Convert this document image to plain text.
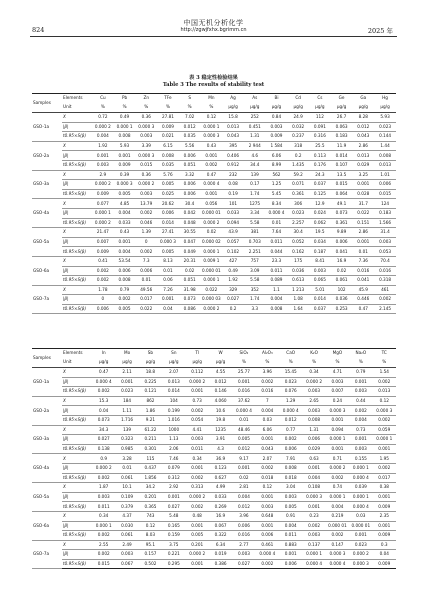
824
中国无机分析化学
http://zgwjfxhx.bgrimm.cn	2025 年
表 3 稳定性检验结果
Table 3 The results of stability test
Samples	Elements	Cu	Pb	Zn	TFe	S	Mn	Ag	As	Bi	Cd	Cs	Ge	Ga	Hg
	Unit	%	%	%	%	%	%	μg/g	μg/g	μg/g	μg/g	μg/g	μg/g	μg/g	μg/g
GSO-1a	X	0.72	0.49	0.36	27.81	7.02	0.12	15.8	252	0.84	24.9	112	26.7	8.28	5.93
	|β|	0.000 2	0.000 1	0.000 3	0.009	0.012	0.000 1	0.013	0.451	0.003	0.032	0.091	0.063	0.012	0.023
	t0.95×S(β)	0.004	0.008	0.003	0.021	0.035	0.000 3	0.043	1.31	0.009	0.237	0.316	0.183	0.043	0.144
GSO-2a	X	1.92	5.93	3.39	6.15	5.56	0.43	395	2 944	1 584	318	25.5	11.9	2.86	1.44
	|β|	0.001	0.001	0.000 3	0.008	0.006	0.001	0.406	4.6	6.06	0.2	0.113	0.014	0.013	0.008
	t0.95×S(β)	0.003	0.009	0.015	0.035	0.051	0.002	0.912	34.4	8.99	1.435	0.176	0.107	0.029	0.013
GSO-3a	X	2.9	0.39	0.36	5.76	3.32	0.47	232	139	562	59.2	24.3	13.5	3.25	1.01
	|β|	0.000 2	0.000 3	0.000 2	0.005	0.006	0.000 4	0.08	0.17	1.25	0.071	0.037	0.015	0.001	0.006
	t0.95×S(β)	0.009	0.005	0.003	0.025	0.006	0.001	0.19	1.74	5.45	0.361	0.125	0.064	0.028	0.015
GSO-4a	X	0.077	4.85	13.79	20.62	30.4	0.056	101	1275	8.34	306	12.9	49.1	31.7	124
	|β|	0.000 1	0.004	0.002	0.006	0.042	0.000 01	0.033	3.34	0.000 4	0.023	0.024	0.073	0.022	0.183
	t0.95×S(β)	0.000 2	0.033	0.046	0.014	0.048	0.000 2	0.094	5.58	0.01	2.257	0.062	0.361	0.151	1.566
GSO-5a	X	21.47	0.43	1.39	27.41	30.55	0.02	43.9	381	7.64	30.4	19.5	9.89	2.86	31.4
	|β|	0.007	0.001	0	0.000 3	0.047	0.000 02	0.057	0.703	0.011	0.052	0.034	0.006	0.001	0.003
	t0.95×S(β)	0.009	0.004	0.002	0.005	0.049	0.000 1	0.102	2.251	0.044	0.162	0.187	0.041	0.01	0.053
GSO-6a	X	0.41	53.54	7.3	8.13	20.31	0.009 1	427	757	23.3	175	8.41	16.9	7.36	70.4
	|β|	0.002	0.006	0.006	0.01	0.02	0.000 01	0.49	3.09	0.011	0.036	0.003	0.02	0.016	0.016
	t0.95×S(β)	0.002	0.008	0.01	0.06	0.051	0.000 1	1.92	5.58	0.089	0.613	0.065	0.061	0.041	0.318
GSO-7a	X	1.78	0.79	49.56	7.26	31.98	0.022	329	352	1.1	1 213	5.01	102	45.9	461
	|β|	0	0.002	0.017	0.001	0.073	0.000 03	0.027	1.74	0.004	1.08	0.014	0.036	0.446	0.002
	t0.95×S(β)	0.006	0.005	0.022	0.04	0.086	0.000 2	0.2	3.3	0.008	1.64	0.037	0.253	0.47	2.145
Samples	Elements	In	Mo	Sb	Sn	Tl	W	SiO₂	Al₂O₃	CaO	K₂O	MgO	Na₂O	TC
	Unit	μg/g	μg/g	μg/g	μg/g	μg/g	μg/g	%	%	%	%	%	%	%
GSO-1a	X	0.47	2.11	18.8	2.07	0.112	4.55	25.77	3.96	15.45	0.34	4.71	0.79	1.54
	|β|	0.000 4	0.001	0.225	0.013	0.000 2	0.012	0.001	0.002	0.023	0.000 2	0.003	0.001	0.002
	t0.95×S(β)	0.002	0.023	0.121	0.014	0.001	0.146	0.016	0.016	0.076	0.003	0.007	0.003	0.013
GSO-2a	X	15.3	184	862	104	0.73	4.060	37.62	7	1.29	2.65	0.24	0.44	0.12
	|β|	0.04	1.11	1.86	0.199	0.002	10.6	0.000 4	0.004	0.000 4	0.003	0.000 3	0.002	0.000 3
	t0.95×S(β)	0.073	1.716	9.21	1.016	0.054	19.8	0.01	0.03	0.012	0.008	0.001	0.004	0.002
GSO-3a	X	34.3	139	61.22	1000	4.41	1235	48.46	6.06	0.77	1.31	0.094	0.73	0.059
	|β|	0.027	0.323	0.211	1.13	0.003	3.91	0.005	0.001	0.002	0.006	0.000 1	0.001	0.000 1
	t0.95×S(β)	0.138	0.985	0.301	2.06	0.011	4.3	0.012	0.043	0.006	0.029	0.001	0.003	0.001
GSO-4a	X	0.9	3.28	115	7.46	0.34	36.9	9.17	2.07	7.91	0.63	0.71	0.155	1.95
	|β|	0.000 2	0.01	0.437	0.079	0.001	0.123	0.001	0.002	0.008	0.001	0.000 2	0.000 1	0.002
	t0.95×S(β)	0.002	0.061	1.856	0.312	0.002	0.627	0.02	0.018	0.018	0.004	0.002	0.000 4	0.017
GSO-5a	X	1.87	10.1	34.2	2.92	0.313	4.99	2.81	0.12	3.04	0.108	0.74	0.039	0.38
	|β|	0.003	0.109	0.201	0.001	0.000 2	0.033	0.004	0.001	0.003	0.000 3	0.000 1	0.000 1	0.001
	t0.95×S(β)	0.011	0.379	0.365	0.027	0.002	0.269	0.012	0.003	0.005	0.001	0.004	0.000 4	0.009
GSO-6a	X	0.34	4.37	743	5.48	0.48	16.9	3.96	0.648	0.91	0.23	0.219	0.03	2.35
	|β|	0.000 1	0.030	0.12	0.165	0.001	0.067	0.006	0.001	0.004	0.002	0.000 01	0.000 01	0.001
	t0.95×S(β)	0.002	0.061	8.03	0.159	0.005	0.322	0.016	0.006	0.011	0.003	0.002	0.001	0.009
GSO-7a	X	2.55	2.49	95.1	3.75	0.201	6.34	2.77	0.461	0.883	0.137	0.147	0.023	0.3
	|β|	0.002	0.003	0.157	0.221	0.000 2	0.019	0.003	0.000 4	0.001	0.000 1	0.000 3	0.000 2	0.04
	t0.95×S(β)	0.015	0.067	0.502	0.295	0.001	0.386	0.027	0.002	0.006	0.000 4	0.000 4	0.000 3	0.009
